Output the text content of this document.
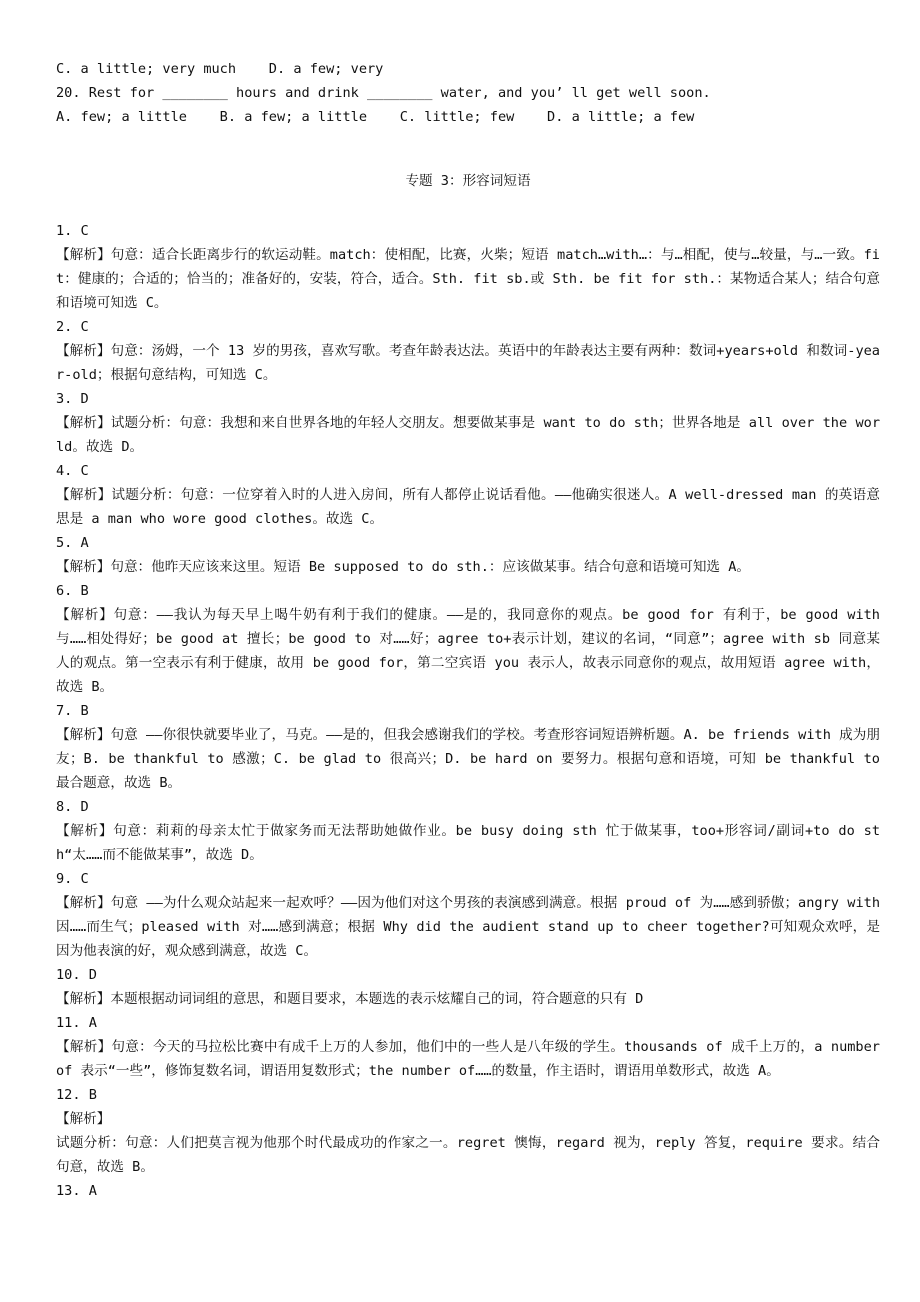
C. a little; very much    D. a few; very
20. Rest for ________ hours and drink ________ water, and you’ ll get well soon.
A. few; a little    B. a few; a little    C. little; few    D. a little; a few
专题 3：形容词短语
1. C
【解析】句意：适合长距离步行的软运动鞋。match：使相配，比赛，火柴；短语 match…with…：与…相配，使与…较量，与…一致。fit：健康的；合适的；恰当的；准备好的，安装，符合，适合。Sth. fit sb.或 Sth. be fit for sth.：某物适合某人；结合句意和语境可知选 C。
2. C
【解析】句意：汤姆，一个 13 岁的男孩，喜欢写歌。考查年龄表达法。英语中的年龄表达主要有两种：数词+years+old 和数词-year-old；根据句意结构，可知选 C。
3. D
【解析】试题分析：句意：我想和来自世界各地的年轻人交朋友。想要做某事是 want to do sth；世界各地是 all over the world。故选 D。
4. C
【解析】试题分析：句意：一位穿着入时的人进入房间，所有人都停止说话看他。——他确实很迷人。A well-dressed man 的英语意思是 a man who wore good clothes。故选 C。
5. A
【解析】句意：他昨天应该来这里。短语 Be supposed to do sth.：应该做某事。结合句意和语境可知选 A。
6. B
【解析】句意：——我认为每天早上喝牛奶有利于我们的健康。——是的，我同意你的观点。be good for 有利于，be good with 与……相处得好；be good at 擅长；be good to 对……好；agree to+表示计划，建议的名词，“同意”；agree with sb 同意某人的观点。第一空表示有利于健康，故用 be good for，第二空宾语 you 表示人，故表示同意你的观点，故用短语 agree with，故选 B。
7. B
【解析】句意 ——你很快就要毕业了，马克。——是的，但我会感谢我们的学校。考查形容词短语辨析题。A. be friends with 成为朋友；B. be thankful to 感激；C. be glad to 很高兴；D. be hard on 要努力。根据句意和语境，可知 be thankful to 最合题意，故选 B。
8. D
【解析】句意：莉莉的母亲太忙于做家务而无法帮助她做作业。be busy doing sth 忙于做某事，too+形容词/副词+to do sth“太……而不能做某事”，故选 D。
9. C
【解析】句意 ——为什么观众站起来一起欢呼？——因为他们对这个男孩的表演感到满意。根据 proud of 为……感到骄傲；angry with 因……而生气；pleased with 对……感到满意；根据 Why did the audient stand up to cheer together?可知观众欢呼，是因为他表演的好，观众感到满意，故选 C。
10. D
【解析】本题根据动词词组的意思，和题目要求，本题选的表示炫耀自己的词，符合题意的只有 D
11. A
【解析】句意：今天的马拉松比赛中有成千上万的人参加，他们中的一些人是八年级的学生。thousands of 成千上万的，a number of 表示“一些”，修饰复数名词，谓语用复数形式；the number of……的数量，作主语时，谓语用单数形式，故选 A。
12. B
【解析】
试题分析：句意：人们把莫言视为他那个时代最成功的作家之一。regret 懊悔，regard 视为，reply 答复，require 要求。结合句意，故选 B。
13. A
